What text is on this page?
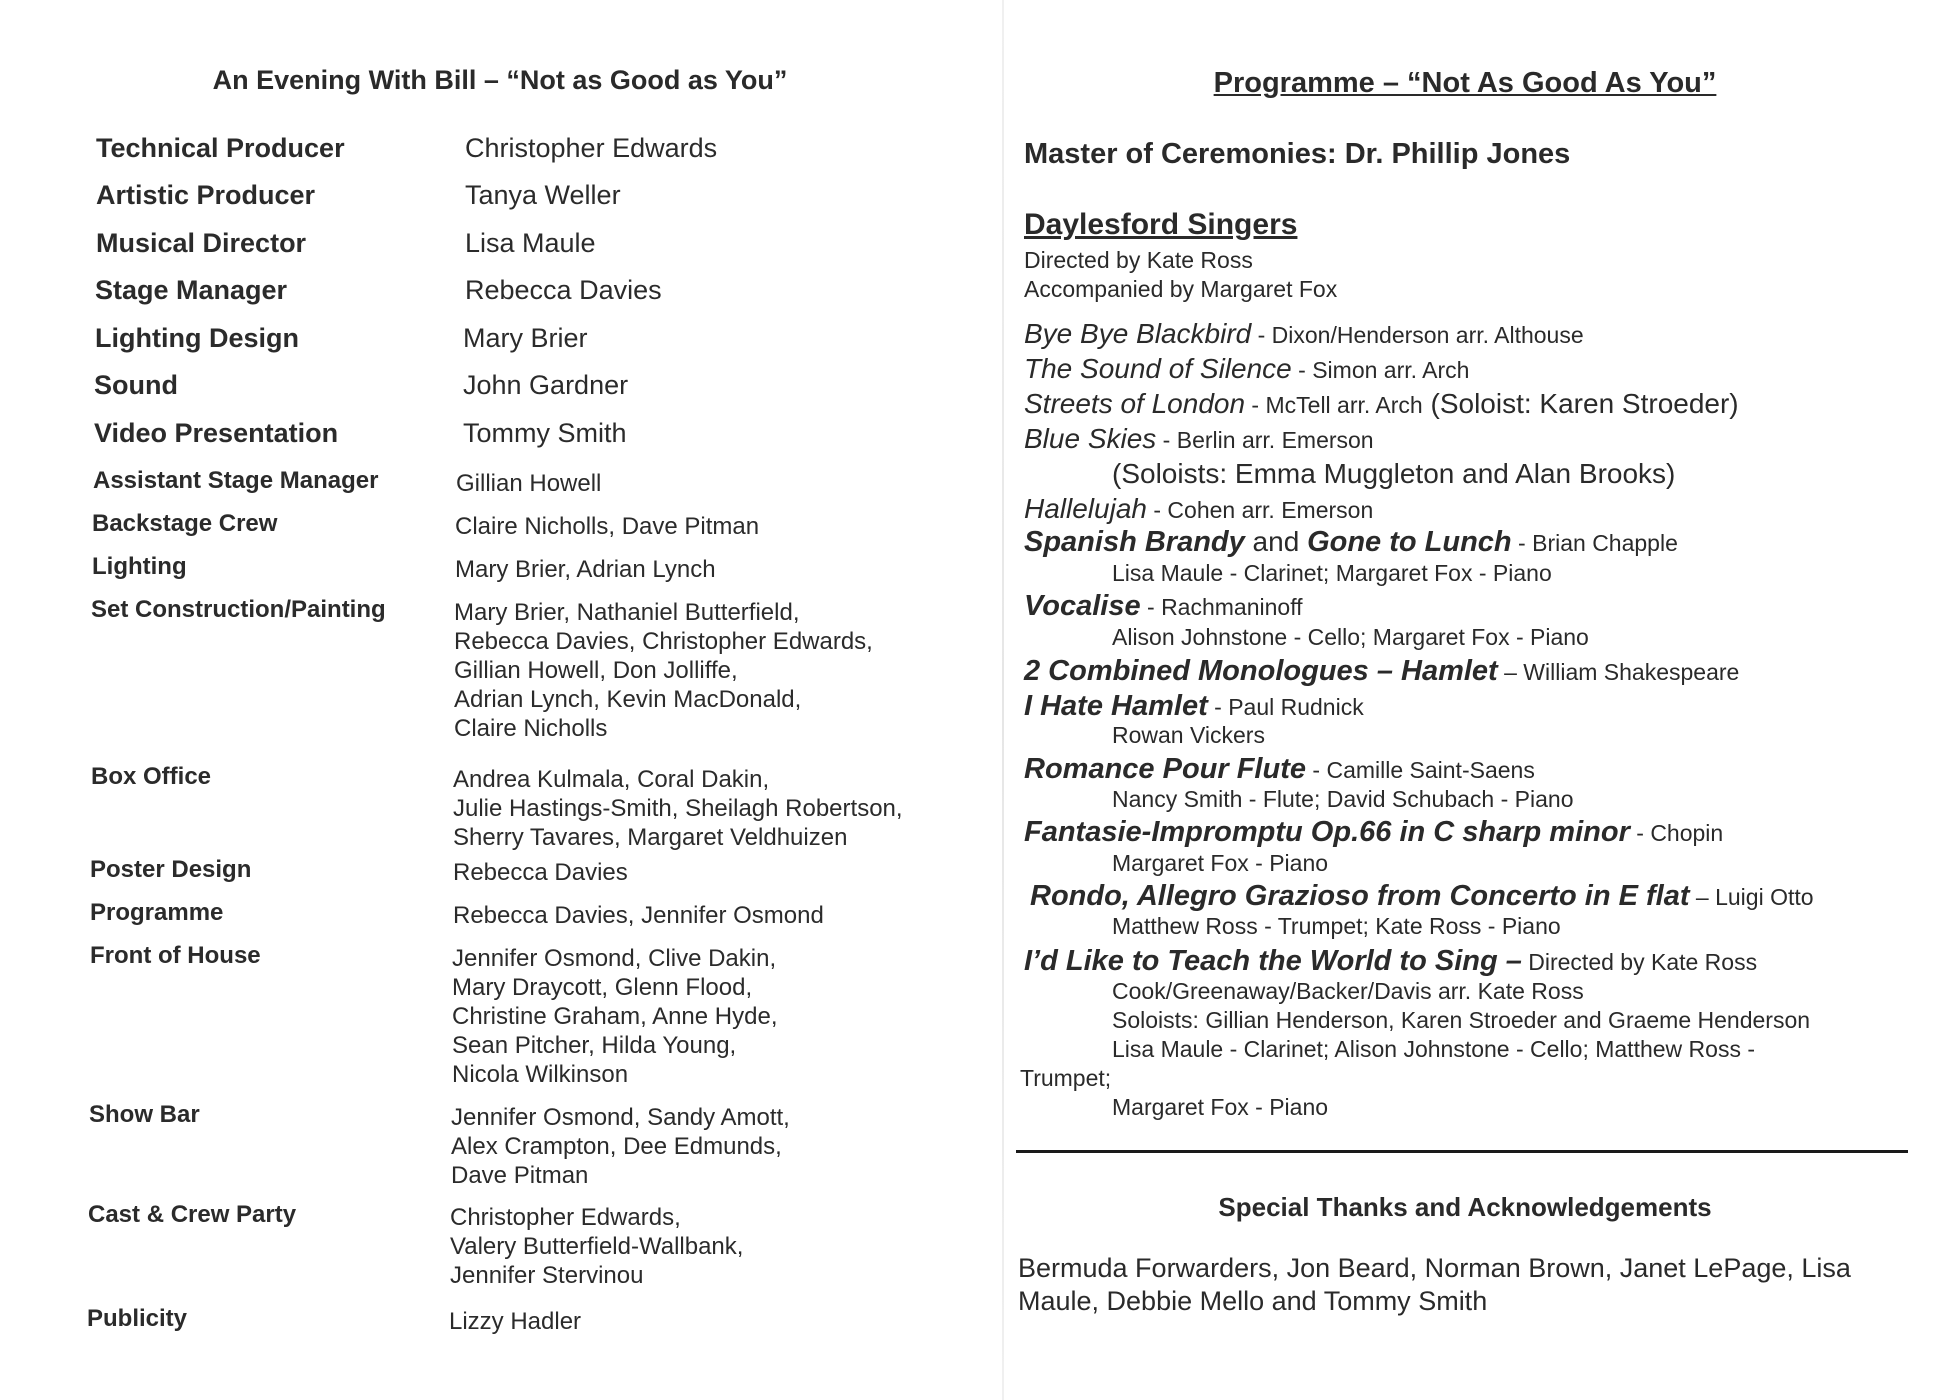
An Evening With Bill – “Not as Good as You”
Technical Producer	Christopher Edwards
Artistic Producer	Tanya Weller
Musical Director	Lisa Maule
Stage Manager	Rebecca Davies
Lighting Design	Mary Brier
Sound	John Gardner
Video Presentation	Tommy Smith
Assistant Stage Manager	Gillian Howell
Backstage Crew	Claire Nicholls, Dave Pitman
Lighting	Mary Brier, Adrian Lynch
Set Construction/Painting	Mary Brier, Nathaniel Butterfield,
Rebecca Davies, Christopher Edwards,
Gillian Howell, Don Jolliffe,
Adrian Lynch, Kevin MacDonald,
Claire Nicholls
Box Office	Andrea Kulmala, Coral Dakin,
Julie Hastings-Smith, Sheilagh Robertson,
Sherry Tavares, Margaret Veldhuizen
Poster Design	Rebecca Davies
Programme	Rebecca Davies, Jennifer Osmond
Front of House	Jennifer Osmond, Clive Dakin,
Mary Draycott, Glenn Flood,
Christine Graham, Anne Hyde,
Sean Pitcher, Hilda Young,
Nicola Wilkinson
Show Bar	Jennifer Osmond, Sandy Amott,
Alex Crampton, Dee Edmunds,
Dave Pitman
Cast & Crew Party	Christopher Edwards,
Valery Butterfield-Wallbank,
Jennifer Stervinou
Publicity	Lizzy Hadler
Programme – “Not As Good As You”
Master of Ceremonies: Dr. Phillip Jones
Daylesford Singers
Directed by Kate Ross
Accompanied by Margaret Fox
Bye Bye Blackbird - Dixon/Henderson arr. Althouse
The Sound of Silence - Simon arr. Arch
Streets of London - McTell arr. Arch (Soloist: Karen Stroeder)
Blue Skies - Berlin arr. Emerson
(Soloists: Emma Muggleton and Alan Brooks)
Hallelujah - Cohen arr. Emerson
Spanish Brandy and Gone to Lunch - Brian Chapple
Lisa Maule - Clarinet; Margaret Fox - Piano
Vocalise - Rachmaninoff
Alison Johnstone - Cello; Margaret Fox - Piano
2 Combined Monologues – Hamlet – William Shakespeare
I Hate Hamlet - Paul Rudnick
Rowan Vickers
Romance Pour Flute - Camille Saint-Saens
Nancy Smith - Flute; David Schubach - Piano
Fantasie-Impromptu Op.66 in C sharp minor - Chopin
Margaret Fox - Piano
Rondo, Allegro Grazioso from Concerto in E flat – Luigi Otto
Matthew Ross - Trumpet; Kate Ross - Piano
I’d Like to Teach the World to Sing – Directed by Kate Ross
Cook/Greenaway/Backer/Davis arr. Kate Ross
Soloists: Gillian Henderson, Karen Stroeder and Graeme Henderson
Lisa Maule - Clarinet; Alison Johnstone - Cello; Matthew Ross -
Trumpet;
Margaret Fox - Piano
Special Thanks and Acknowledgements
Bermuda Forwarders, Jon Beard, Norman Brown, Janet LePage, Lisa Maule, Debbie Mello and Tommy Smith
